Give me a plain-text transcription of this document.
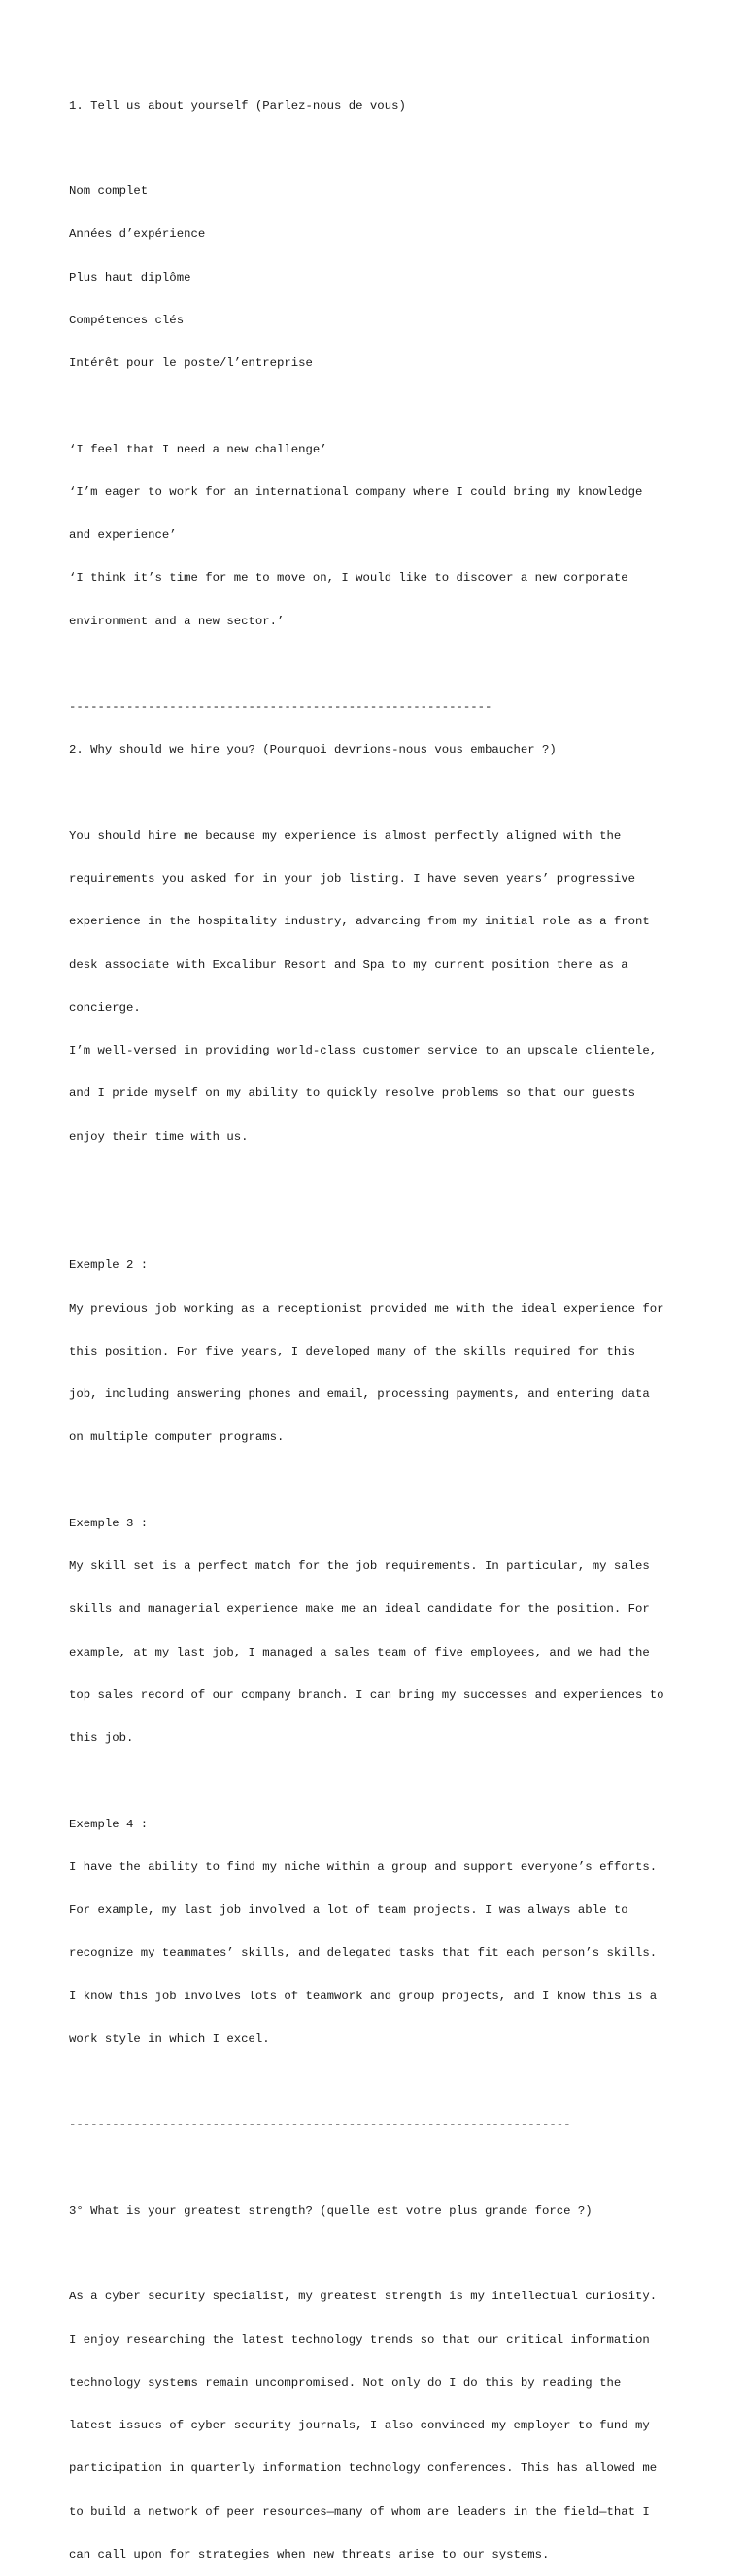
1. Tell us about yourself (Parlez-nous de vous)

Nom complet

Années d’expérience

Plus haut diplôme

Compétences clés

Intérêt pour le poste/l’entreprise

‘I feel that I need a new challenge’

‘I’m eager to work for an international company where I could bring my knowledge

and experience’

‘I think it’s time for me to move on, I would like to discover a new corporate

environment and a new sector.’

-----------------------------------------------------------

2. Why should we hire you? (Pourquoi devrions-nous vous embaucher ?)

You should hire me because my experience is almost perfectly aligned with the

requirements you asked for in your job listing. I have seven years’ progressive

experience in the hospitality industry, advancing from my initial role as a front

desk associate with Excalibur Resort and Spa to my current position there as a

concierge.

I’m well-versed in providing world-class customer service to an upscale clientele,

and I pride myself on my ability to quickly resolve problems so that our guests

enjoy their time with us.

Exemple 2 :

My previous job working as a receptionist provided me with the ideal experience for

this position. For five years, I developed many of the skills required for this

job, including answering phones and email, processing payments, and entering data

on multiple computer programs.

Exemple 3 :

My skill set is a perfect match for the job requirements. In particular, my sales

skills and managerial experience make me an ideal candidate for the position. For

example, at my last job, I managed a sales team of five employees, and we had the

top sales record of our company branch. I can bring my successes and experiences to

this job.

Exemple 4 :

I have the ability to find my niche within a group and support everyone’s efforts.

For example, my last job involved a lot of team projects. I was always able to

recognize my teammates’ skills, and delegated tasks that fit each person’s skills.

I know this job involves lots of teamwork and group projects, and I know this is a

work style in which I excel.

----------------------------------------------------------------------

3° What is your greatest strength? (quelle est votre plus grande force ?)

As a cyber security specialist, my greatest strength is my intellectual curiosity.

I enjoy researching the latest technology trends so that our critical information

technology systems remain uncompromised. Not only do I do this by reading the

latest issues of cyber security journals, I also convinced my employer to fund my

participation in quarterly information technology conferences. This has allowed me

to build a network of peer resources—many of whom are leaders in the field—that I

can call upon for strategies when new threats arise to our systems.
